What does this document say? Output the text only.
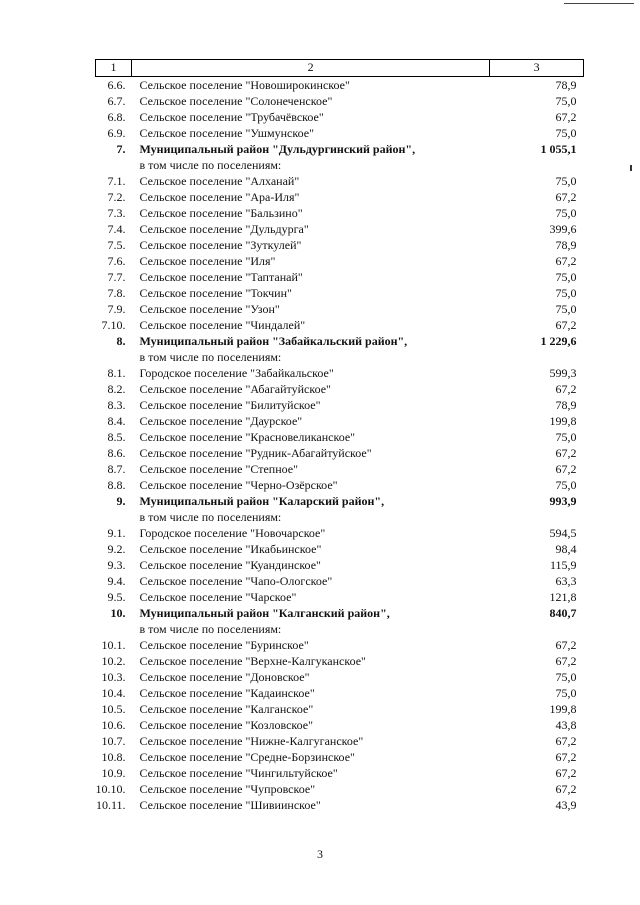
1	2	3
6.6.	Сельское поселение "Новоширокинское"	78,9
6.7.	Сельское поселение "Солонеченское"	75,0
6.8.	Сельское поселение "Трубачёвское"	67,2
6.9.	Сельское поселение "Ушмунское"	75,0
7.	Муниципальный район "Дульдургинский район",	1 055,1
	в том числе по поселениям:	
7.1.	Сельское поселение "Алханай"	75,0
7.2.	Сельское поселение "Ара-Иля"	67,2
7.3.	Сельское поселение "Бальзино"	75,0
7.4.	Сельское поселение "Дульдурга"	399,6
7.5.	Сельское поселение "Зуткулей"	78,9
7.6.	Сельское поселение "Иля"	67,2
7.7.	Сельское поселение "Таптанай"	75,0
7.8.	Сельское поселение "Токчин"	75,0
7.9.	Сельское поселение "Узон"	75,0
7.10.	Сельское поселение "Чиндалей"	67,2
8.	Муниципальный район "Забайкальский район",	1 229,6
	в том числе по поселениям:	
8.1.	Городское поселение "Забайкальское"	599,3
8.2.	Сельское поселение "Абагайтуйское"	67,2
8.3.	Сельское поселение "Билитуйское"	78,9
8.4.	Сельское поселение "Даурское"	199,8
8.5.	Сельское поселение "Красновеликанское"	75,0
8.6.	Сельское поселение "Рудник-Абагайтуйское"	67,2
8.7.	Сельское поселение "Степное"	67,2
8.8.	Сельское поселение "Черно-Озёрское"	75,0
9.	Муниципальный район "Каларский район",	993,9
	в том числе по поселениям:	
9.1.	Городское поселение "Новочарское"	594,5
9.2.	Сельское поселение "Икабьинское"	98,4
9.3.	Сельское поселение "Куандинское"	115,9
9.4.	Сельское поселение "Чапо-Ологское"	63,3
9.5.	Сельское поселение "Чарское"	121,8
10.	Муниципальный район "Калганский район",	840,7
	в том числе по поселениям:	
10.1.	Сельское поселение "Буринское"	67,2
10.2.	Сельское поселение "Верхне-Калгуканское"	67,2
10.3.	Сельское поселение "Доновское"	75,0
10.4.	Сельское поселение "Кадаинское"	75,0
10.5.	Сельское поселение "Калганское"	199,8
10.6.	Сельское поселение "Козловское"	43,8
10.7.	Сельское поселение "Нижне-Калгуганское"	67,2
10.8.	Сельское поселение "Средне-Борзинское"	67,2
10.9.	Сельское поселение "Чингильтуйское"	67,2
10.10.	Сельское поселение "Чупровское"	67,2
10.11.	Сельское поселение "Шивиинское"	43,9
3
